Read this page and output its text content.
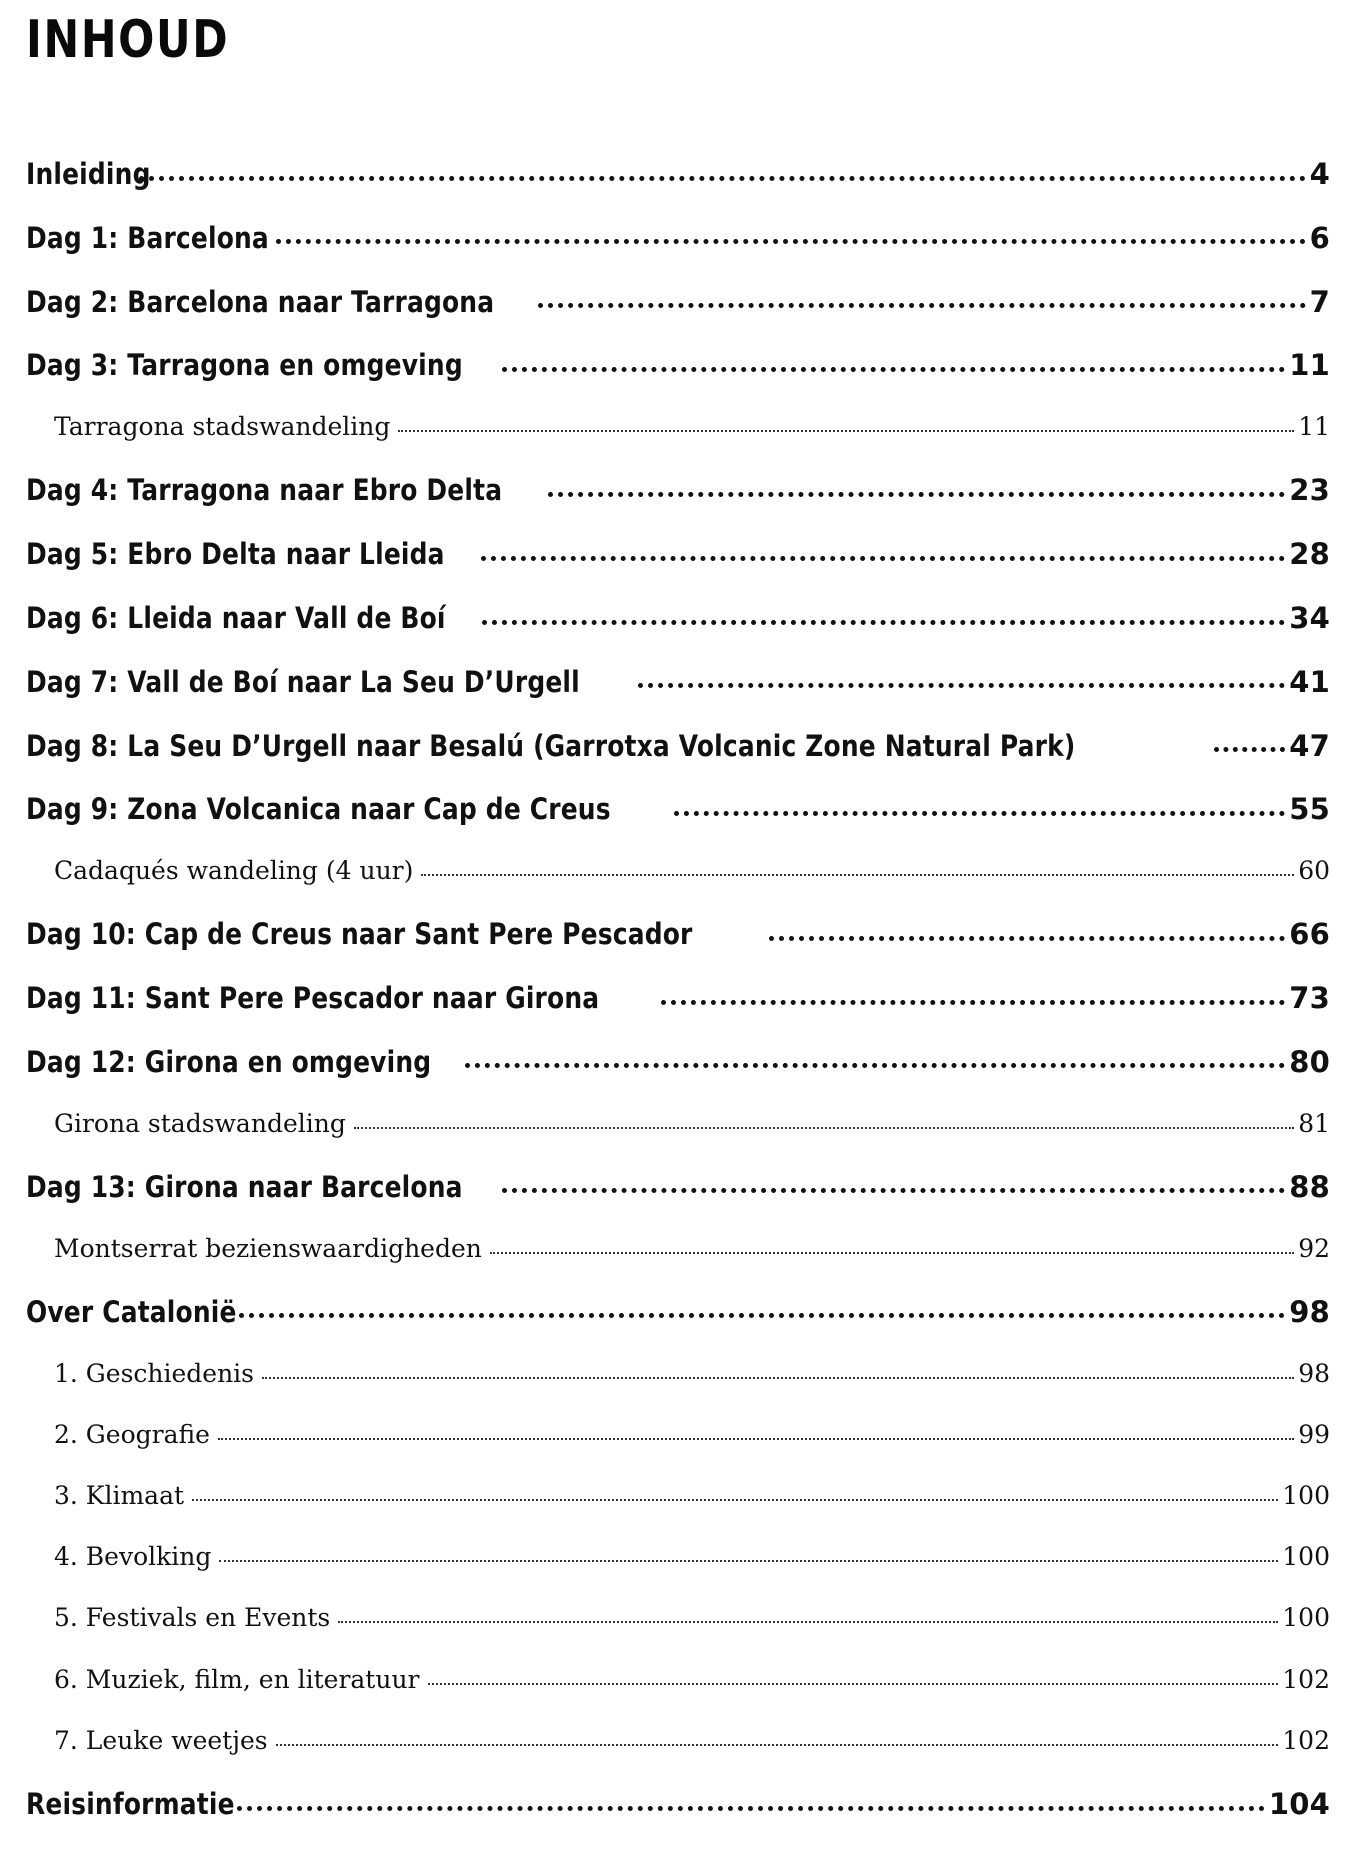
INHOUD
Inleiding	4
Dag 1: Barcelona	6
Dag 2: Barcelona naar Tarragona	7
Dag 3: Tarragona en omgeving	11
Tarragona stadswandeling	11
Dag 4: Tarragona naar Ebro Delta	23
Dag 5: Ebro Delta naar Lleida	28
Dag 6: Lleida naar Vall de Boí	34
Dag 7: Vall de Boí naar La Seu D’Urgell	41
Dag 8: La Seu D’Urgell naar Besalú (Garrotxa Volcanic Zone Natural Park)	47
Dag 9: Zona Volcanica naar Cap de Creus	55
Cadaqués wandeling (4 uur)	60
Dag 10: Cap de Creus naar Sant Pere Pescador	66
Dag 11: Sant Pere Pescador naar Girona	73
Dag 12: Girona en omgeving	80
Girona stadswandeling	81
Dag 13: Girona naar Barcelona	88
Montserrat bezienswaardigheden	92
Over Catalonië	98
1. Geschiedenis	98
2. Geografie	99
3. Klimaat	100
4. Bevolking	100
5. Festivals en Events	100
6. Muziek, film, en literatuur	102
7. Leuke weetjes	102
Reisinformatie	104
